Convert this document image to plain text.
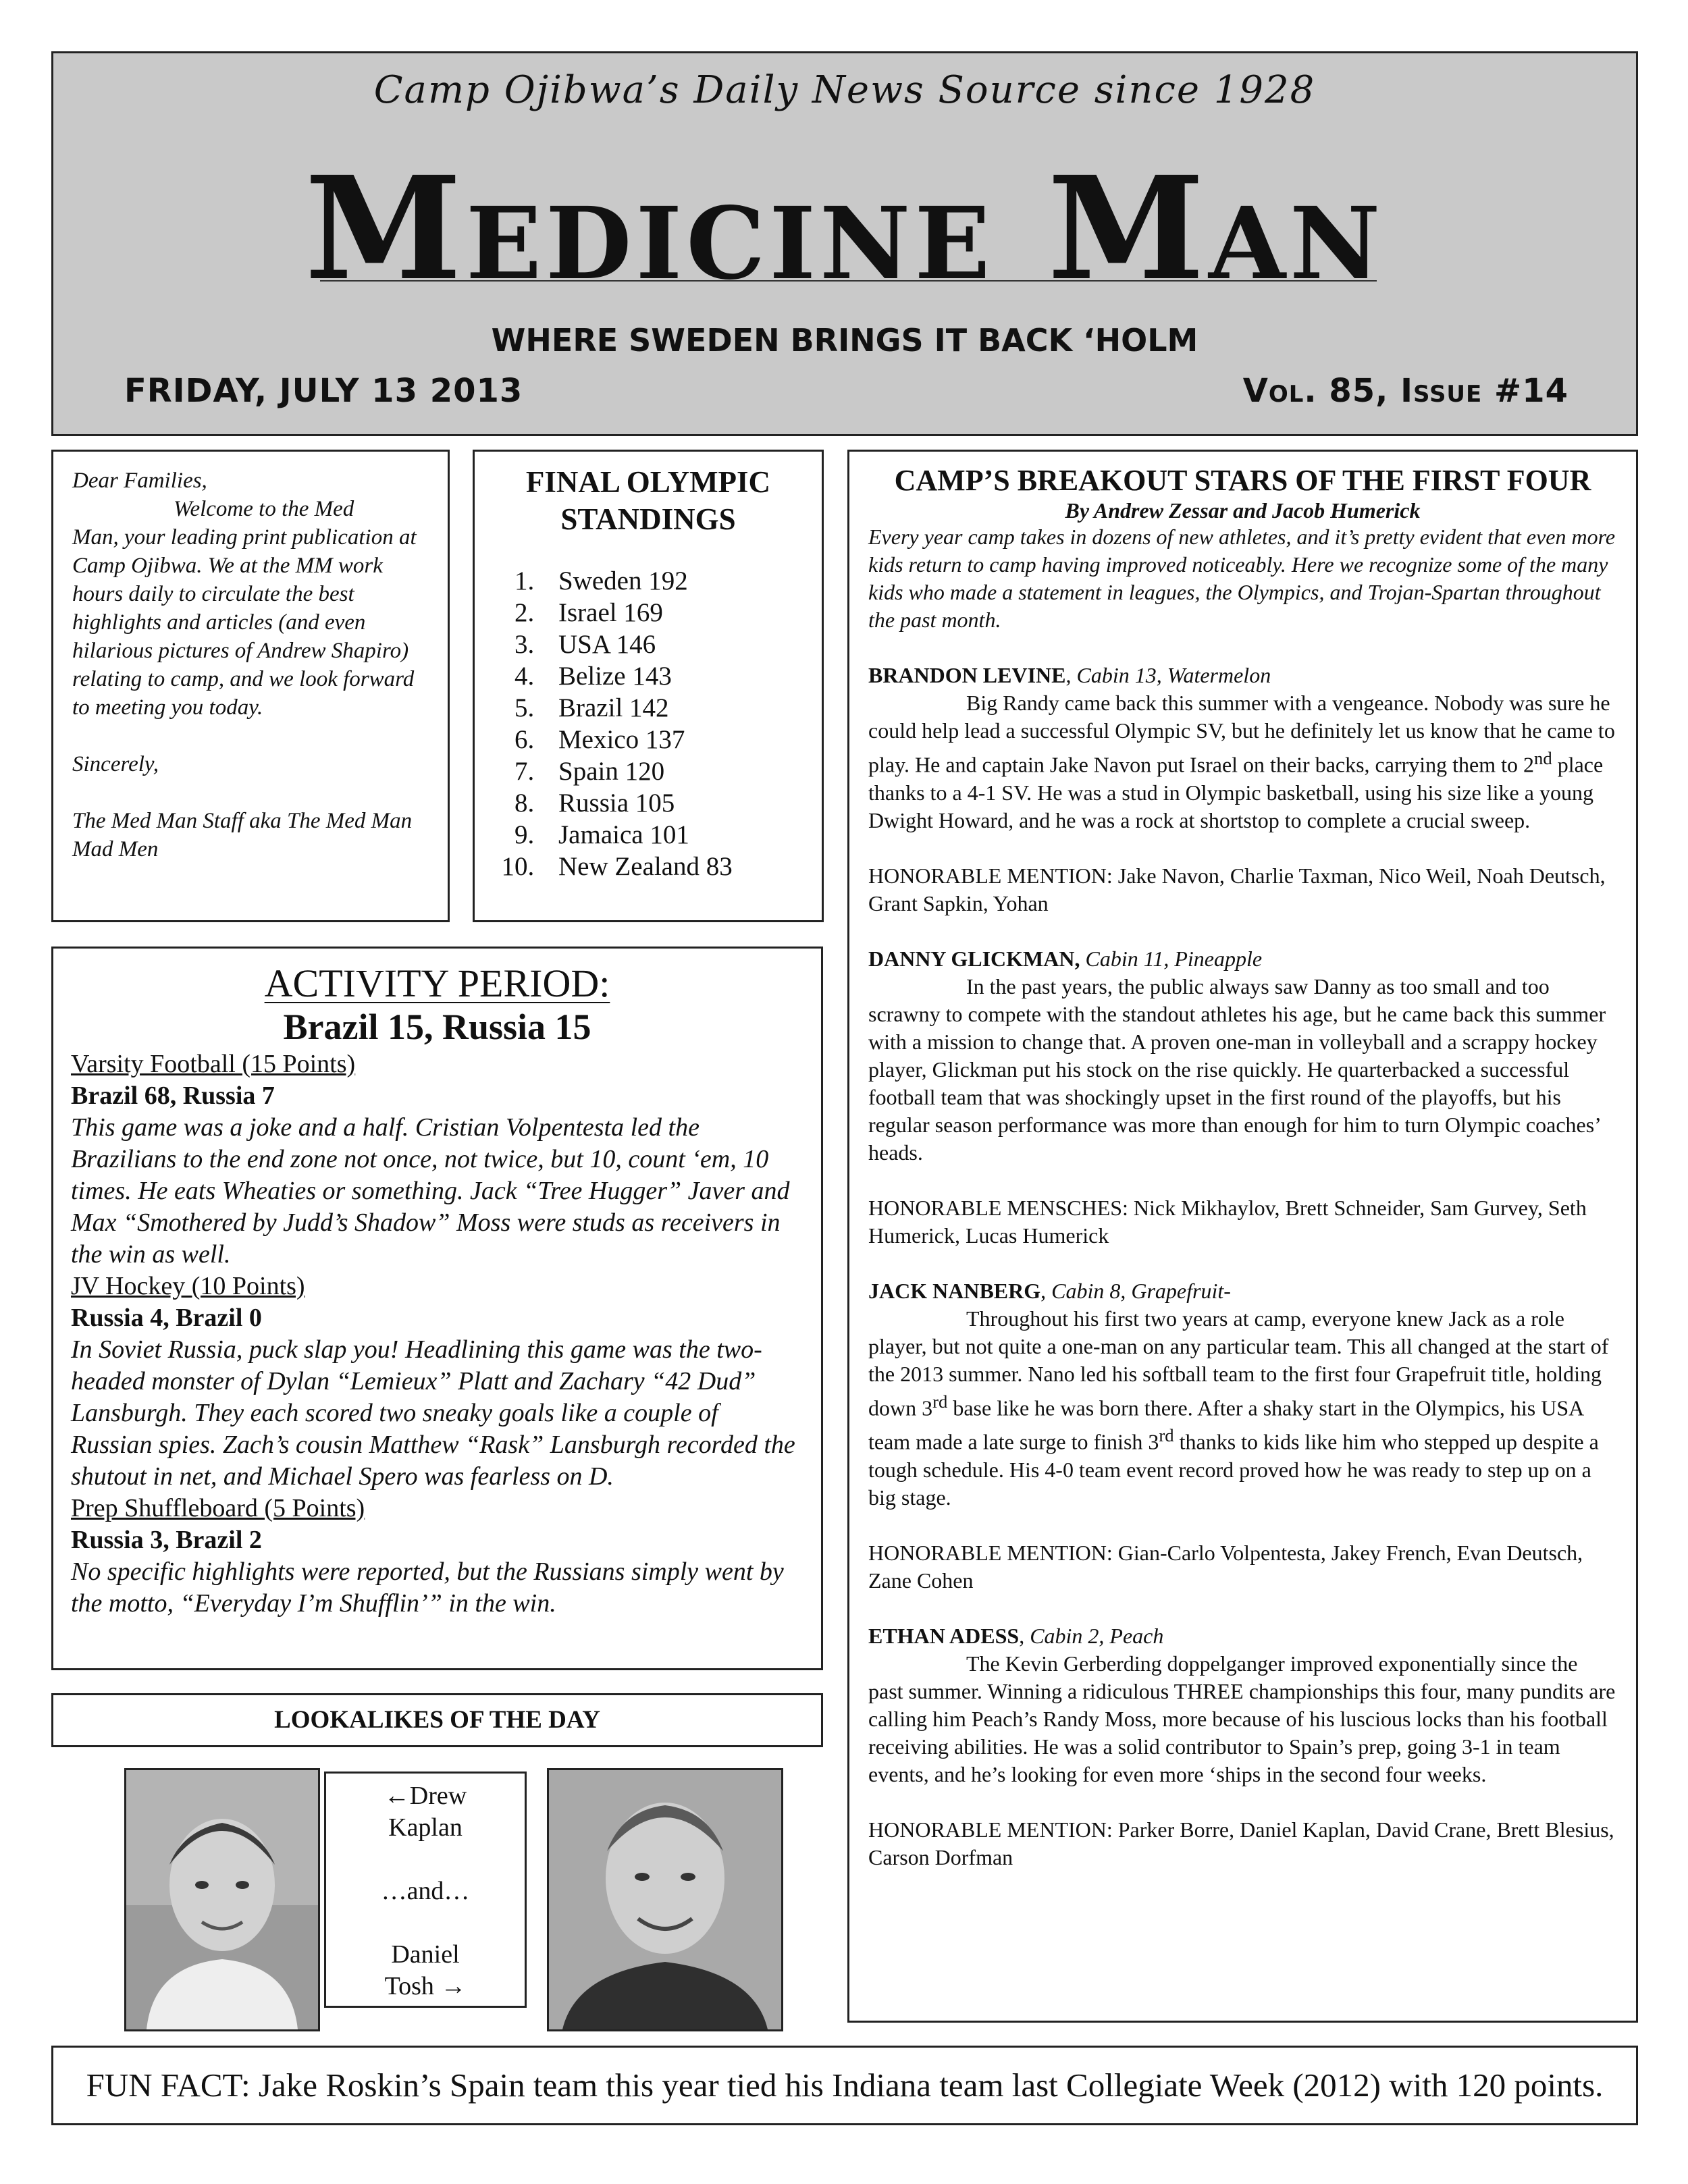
Camp Ojibwa’s Daily News Source since 1928
Medicine Man
WHERE SWEDEN BRINGS IT BACK ‘HOLM
FRIDAY, JULY 13 2013	Vol. 85, Issue #14

Dear Families,

Welcome to the Med

Man, your leading print publication at Camp Ojibwa. We at the MM work hours daily to circulate the best highlights and articles (and even hilarious pictures of Andrew Shapiro) relating to camp, and we look forward to meeting you today.

Sincerely,

The Med Man Staff aka The Med Man Mad Men

FINAL OLYMPIC STANDINGS
1. Sweden 192
2. Israel 169
3. USA 146
4. Belize 143
5. Brazil 142
6. Mexico 137
7. Spain 120
8. Russia 105
9. Jamaica 101
10. New Zealand 83
CAMP’S BREAKOUT STARS OF THE FIRST FOUR
By Andrew Zessar and Jacob Humerick

Every year camp takes in dozens of new athletes, and it’s pretty evident that even more kids return to camp having improved noticeably. Here we recognize some of the many kids who made a statement in leagues, the Olympics, and Trojan-Spartan throughout the past month.

BRANDON LEVINE, Cabin 13, Watermelon

Big Randy came back this summer with a vengeance. Nobody was sure he could help lead a successful Olympic SV, but he definitely let us know that he came to play. He and captain Jake Navon put Israel on their backs, carrying them to 2nd place thanks to a 4-1 SV. He was a stud in Olympic basketball, using his size like a young Dwight Howard, and he was a rock at shortstop to complete a crucial sweep.

HONORABLE MENTION: Jake Navon, Charlie Taxman, Nico Weil, Noah Deutsch, Grant Sapkin, Yohan

DANNY GLICKMAN, Cabin 11, Pineapple

In the past years, the public always saw Danny as too small and too scrawny to compete with the standout athletes his age, but he came back this summer with a mission to change that. A proven one-man in volleyball and a scrappy hockey player, Glickman put his stock on the rise quickly. He quarterbacked a successful football team that was shockingly upset in the first round of the playoffs, but his regular season performance was more than enough for him to turn Olympic coaches’ heads.

HONORABLE MENSCHES: Nick Mikhaylov, Brett Schneider, Sam Gurvey, Seth Humerick, Lucas Humerick

JACK NANBERG, Cabin 8, Grapefruit-

Throughout his first two years at camp, everyone knew Jack as a role player, but not quite a one-man on any particular team. This all changed at the start of the 2013 summer. Nano led his softball team to the first four Grapefruit title, holding down 3rd base like he was born there. After a shaky start in the Olympics, his USA team made a late surge to finish 3rd thanks to kids like him who stepped up despite a tough schedule. His 4-0 team event record proved how he was ready to step up on a big stage.

HONORABLE MENTION: Gian-Carlo Volpentesta, Jakey French, Evan Deutsch, Zane Cohen

ETHAN ADESS, Cabin 2, Peach

The Kevin Gerberding doppelganger improved exponentially since the past summer. Winning a ridiculous THREE championships this four, many pundits are calling him Peach’s Randy Moss, more because of his luscious locks than his football receiving abilities. He was a solid contributor to Spain’s prep, going 3-1 in team events, and he’s looking for even more ‘ships in the second four weeks.

HONORABLE MENTION: Parker Borre, Daniel Kaplan, David Crane, Brett Blesius, Carson Dorfman

ACTIVITY PERIOD:
Brazil 15, Russia 15

Varsity Football (15 Points)

Brazil 68, Russia 7

This game was a joke and a half. Cristian Volpentesta led the Brazilians to the end zone not once, not twice, but 10, count ‘em, 10 times. He eats Wheaties or something. Jack “Tree Hugger” Javer and Max “Smothered by Judd’s Shadow” Moss were studs as receivers in the win as well.

JV Hockey (10 Points)

Russia 4, Brazil 0

In Soviet Russia, puck slap you! Headlining this game was the two-headed monster of Dylan “Lemieux” Platt and Zachary “42 Dud” Lansburgh. They each scored two sneaky goals like a couple of Russian spies. Zach’s cousin Matthew “Rask” Lansburgh recorded the shutout in net, and Michael Spero was fearless on D.

Prep Shuffleboard (5 Points)

Russia 3, Brazil 2

No specific highlights were reported, but the Russians simply went by the motto, “Everyday I’m Shufflin’” in the win.

LOOKALIKES OF THE DAY

←Drew

Kaplan

…and…

Daniel

Tosh →

FUN FACT: Jake Roskin’s Spain team this year tied his Indiana team last Collegiate Week (2012) with 120 points.
